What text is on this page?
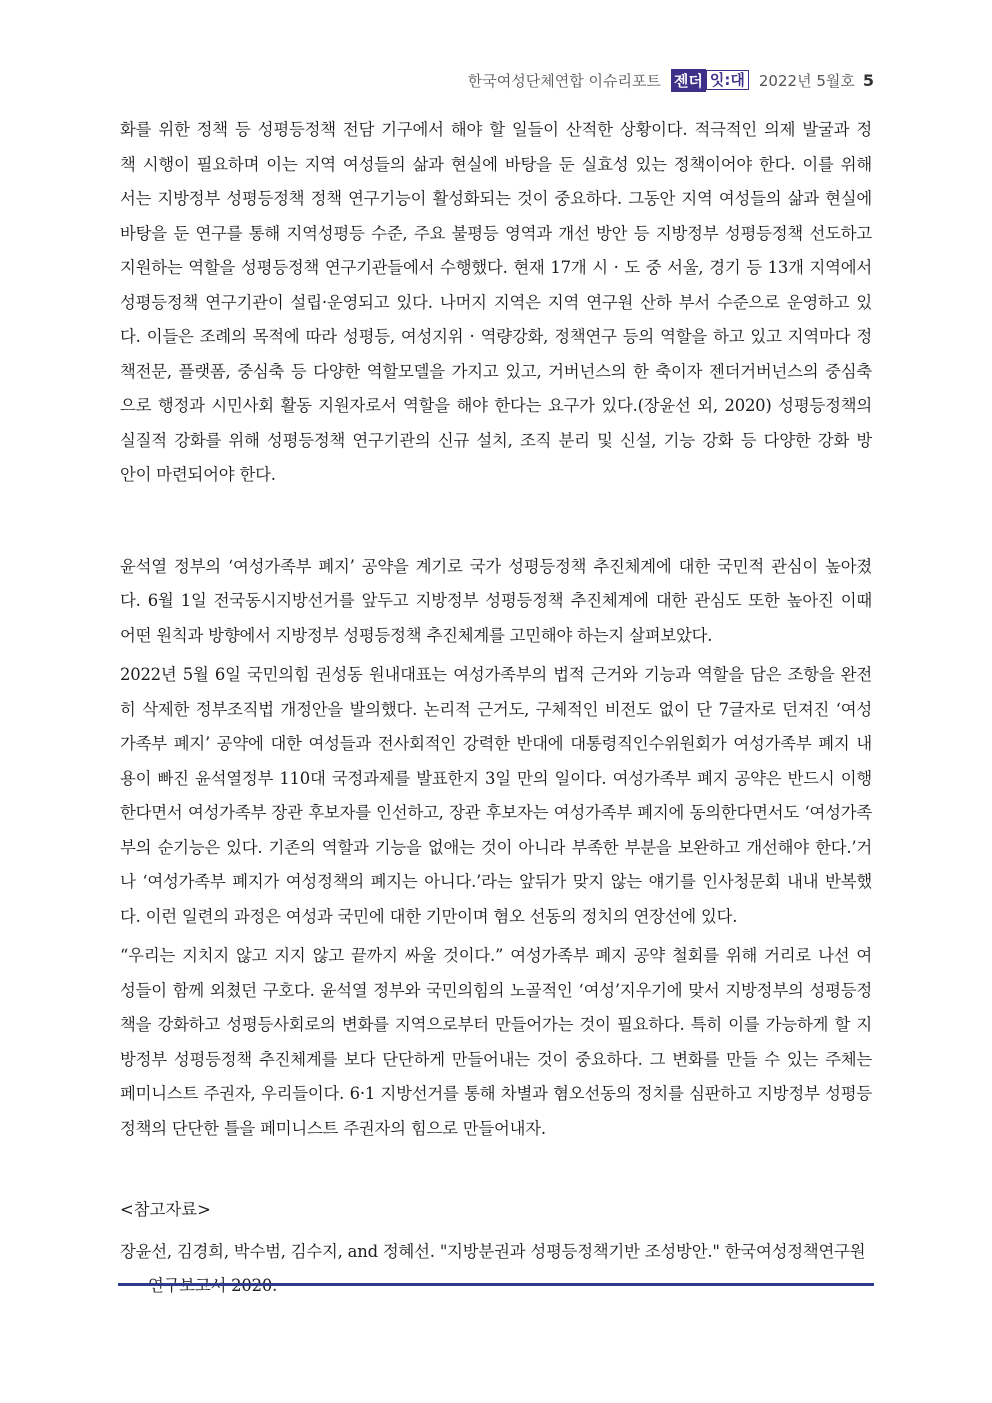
한국여성단체연합 이슈리포트 젠더 잇:대 2022년 5월호 5

화를 위한 정책 등 성평등정책 전담 기구에서 해야 할 일들이 산적한 상황이다. 적극적인 의제 발굴과 정

책 시행이 필요하며 이는 지역 여성들의 삶과 현실에 바탕을 둔 실효성 있는 정책이어야 한다. 이를 위해

서는 지방정부 성평등정책 정책 연구기능이 활성화되는 것이 중요하다. 그동안 지역 여성들의 삶과 현실에

바탕을 둔 연구를 통해 지역성평등 수준, 주요 불평등 영역과 개선 방안 등 지방정부 성평등정책 선도하고

지원하는 역할을 성평등정책 연구기관들에서 수행했다. 현재 17개 시 · 도 중 서울, 경기 등 13개 지역에서

성평등정책 연구기관이 설립·운영되고 있다. 나머지 지역은 지역 연구원 산하 부서 수준으로 운영하고 있

다. 이들은 조례의 목적에 따라 성평등, 여성지위 · 역량강화, 정책연구 등의 역할을 하고 있고 지역마다 정

책전문, 플랫폼, 중심축 등 다양한 역할모델을 가지고 있고, 거버넌스의 한 축이자 젠더거버넌스의 중심축

으로 행정과 시민사회 활동 지원자로서 역할을 해야 한다는 요구가 있다.(장윤선 외, 2020) 성평등정책의

실질적 강화를 위해 성평등정책 연구기관의 신규 설치, 조직 분리 및 신설, 기능 강화 등 다양한 강화 방

안이 마련되어야 한다.

윤석열 정부의 ‘여성가족부 폐지’ 공약을 계기로 국가 성평등정책 추진체계에 대한 국민적 관심이 높아졌

다. 6월 1일 전국동시지방선거를 앞두고 지방정부 성평등정책 추진체계에 대한 관심도 또한 높아진 이때

어떤 원칙과 방향에서 지방정부 성평등정책 추진체계를 고민해야 하는지 살펴보았다.

2022년 5월 6일 국민의힘 권성동 원내대표는 여성가족부의 법적 근거와 기능과 역할을 담은 조항을 완전

히 삭제한 정부조직법 개정안을 발의했다. 논리적 근거도, 구체적인 비전도 없이 단 7글자로 던져진 ‘여성

가족부 폐지’ 공약에 대한 여성들과 전사회적인 강력한 반대에 대통령직인수위원회가 여성가족부 폐지 내

용이 빠진 윤석열정부 110대 국정과제를 발표한지 3일 만의 일이다. 여성가족부 폐지 공약은 반드시 이행

한다면서 여성가족부 장관 후보자를 인선하고, 장관 후보자는 여성가족부 폐지에 동의한다면서도 ‘여성가족

부의 순기능은 있다. 기존의 역할과 기능을 없애는 것이 아니라 부족한 부분을 보완하고 개선해야 한다.’거

나 ‘여성가족부 폐지가 여성정책의 폐지는 아니다.’라는 앞뒤가 맞지 않는 얘기를 인사청문회 내내 반복했

다. 이런 일련의 과정은 여성과 국민에 대한 기만이며 혐오 선동의 정치의 연장선에 있다.

“우리는 지치지 않고 지지 않고 끝까지 싸울 것이다.” 여성가족부 폐지 공약 철회를 위해 거리로 나선 여

성들이 함께 외쳤던 구호다. 윤석열 정부와 국민의힘의 노골적인 ‘여성’지우기에 맞서 지방정부의 성평등정

책을 강화하고 성평등사회로의 변화를 지역으로부터 만들어가는 것이 필요하다. 특히 이를 가능하게 할 지

방정부 성평등정책 추진체계를 보다 단단하게 만들어내는 것이 중요하다. 그 변화를 만들 수 있는 주체는

페미니스트 주권자, 우리들이다. 6·1 지방선거를 통해 차별과 혐오선동의 정치를 심판하고 지방정부 성평등

정책의 단단한 틀을 페미니스트 주권자의 힘으로 만들어내자.

<참고자료>
장윤선, 김경희, 박수범, 김수지, and 정혜선. "지방분권과 성평등정책기반 조성방안." 한국여성정책연구원
